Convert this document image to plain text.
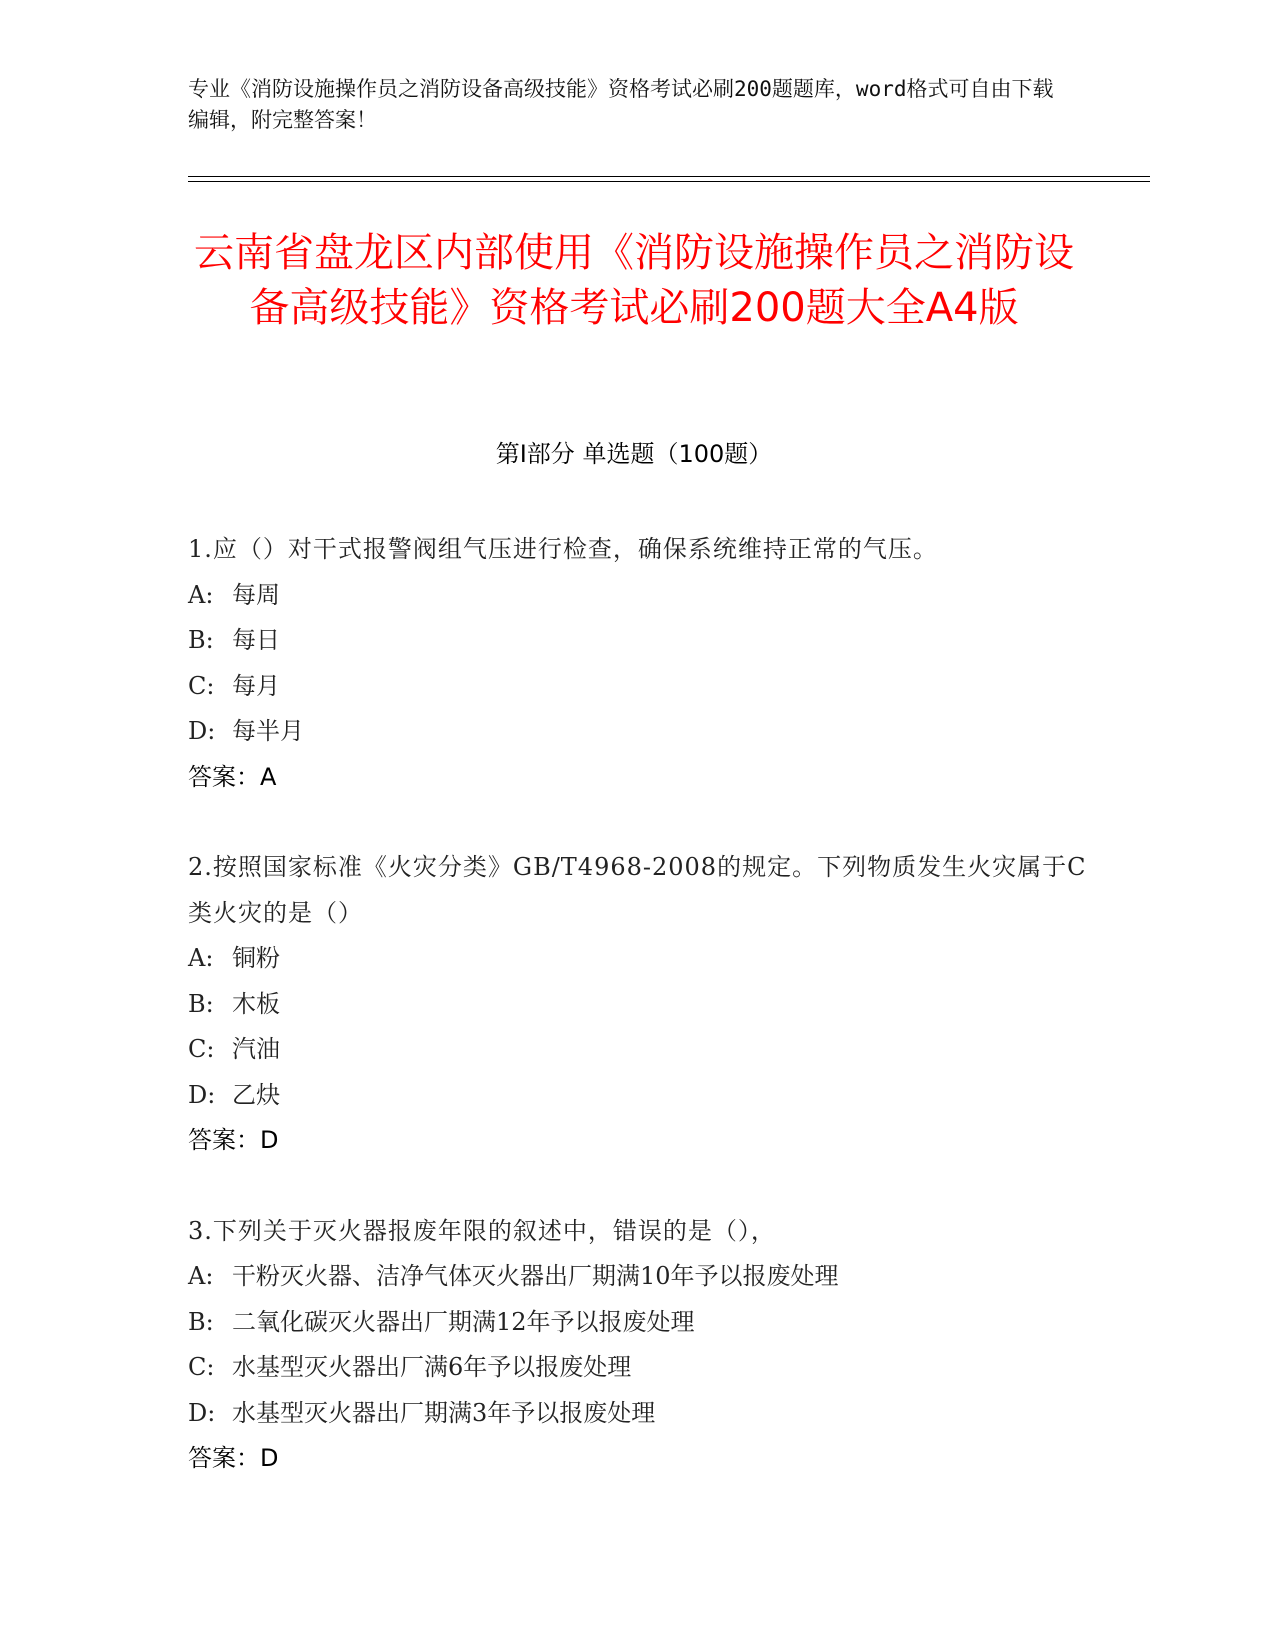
专业《消防设施操作员之消防设备高级技能》资格考试必刷200题题库，word格式可自由下载编辑，附完整答案！
云南省盘龙区内部使用《消防设施操作员之消防设备高级技能》资格考试必刷200题大全A4版
第Ⅰ部分 单选题（100题）
1.应（）对干式报警阀组气压进行检查，确保系统维持正常的气压。
A: 每周
B: 每日
C: 每月
D: 每半月
答案：A
2.按照国家标准《火灾分类》GB/T4968-2008的规定。下列物质发生火灾属于C类火灾的是（）
A: 铜粉
B: 木板
C: 汽油
D: 乙炔
答案：D
3.下列关于灭火器报废年限的叙述中，错误的是（），
A: 干粉灭火器、洁净气体灭火器出厂期满10年予以报废处理
B: 二氧化碳灭火器出厂期满12年予以报废处理
C: 水基型灭火器出厂满6年予以报废处理
D: 水基型灭火器出厂期满3年予以报废处理
答案：D
